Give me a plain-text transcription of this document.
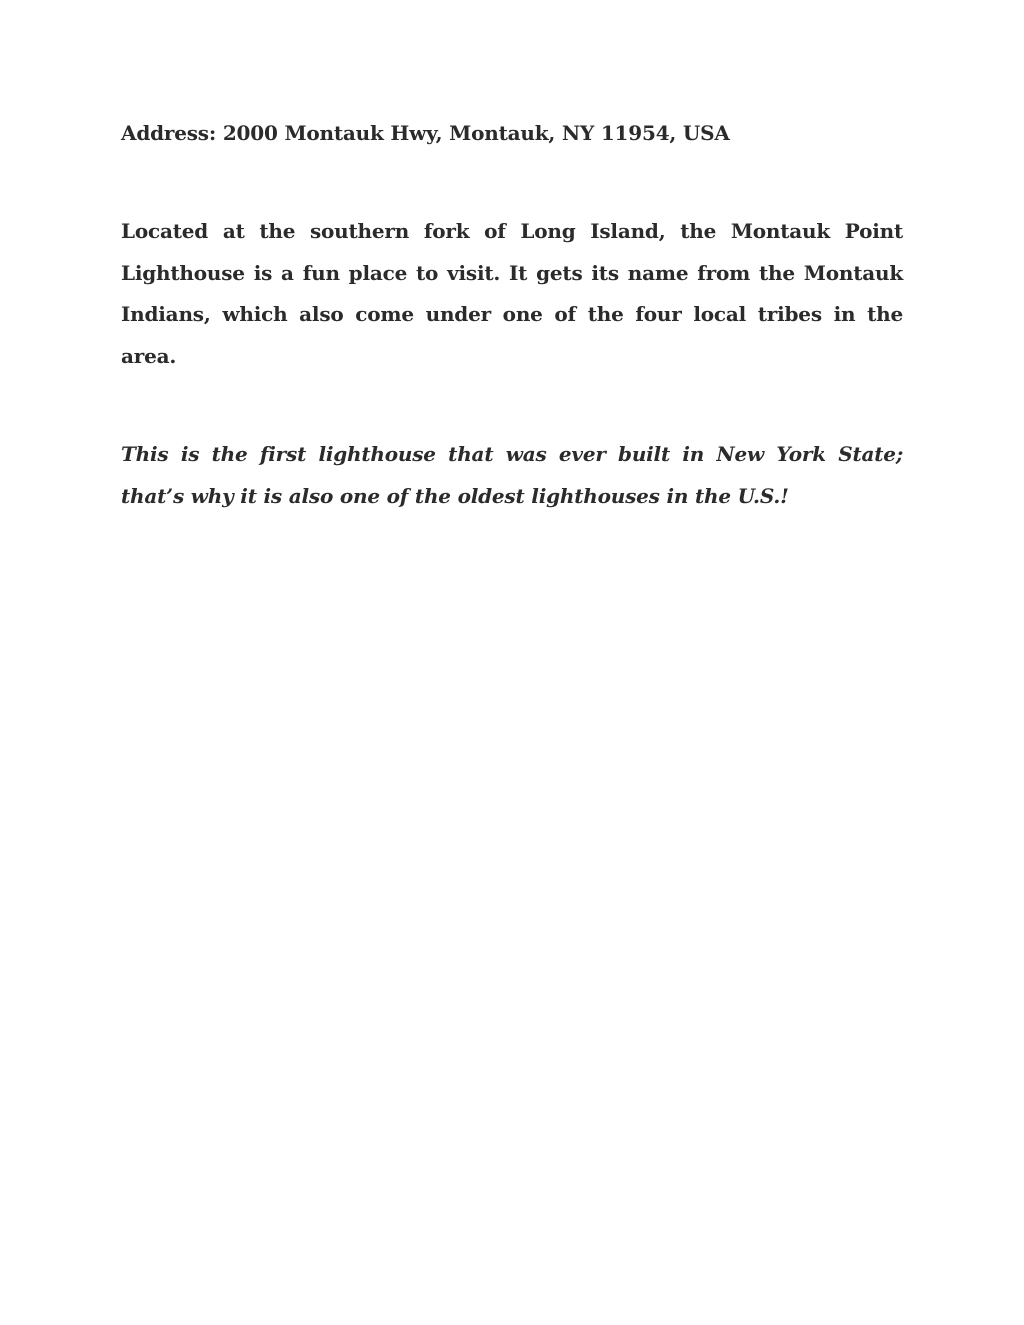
Address: 2000 Montauk Hwy, Montauk, NY 11954, USA

Located at the southern fork of Long Island, the Montauk Point Lighthouse is a fun place to visit. It gets its name from the Montauk Indians, which also come under one of the four local tribes in the area.

This is the first lighthouse that was ever built in New York State; that’s why it is also one of the oldest lighthouses in the U.S.!
